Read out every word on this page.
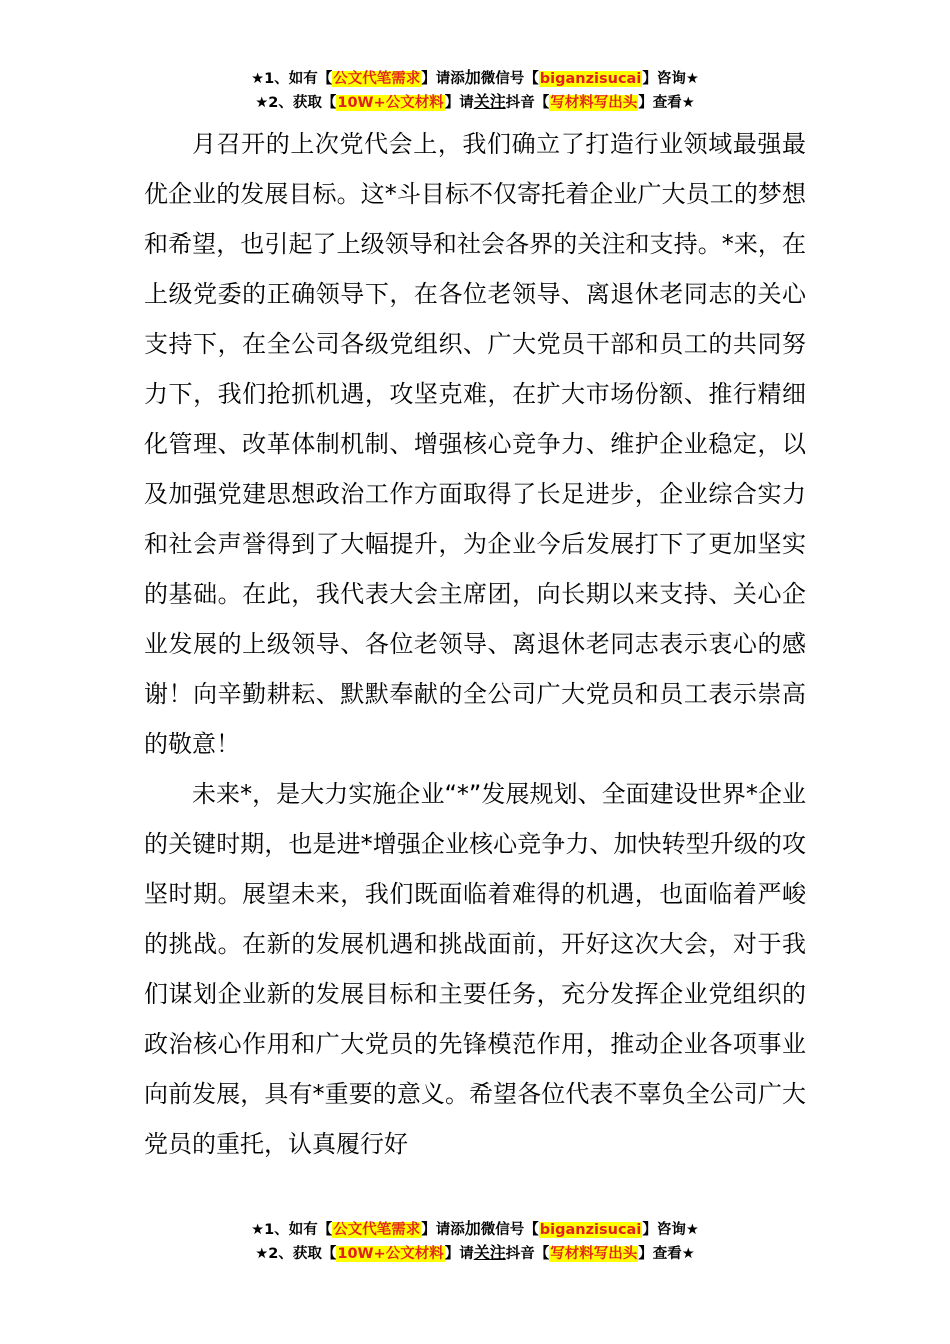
★1、如有【公文代笔需求】请添加微信号【biganzisucai】咨询★
★2、获取【10W+公文材料】请关注抖音【写材料写出头】查看★

月召开的上次党代会上，我们确立了打造行业领域最强最优企业的发展目标。这*斗目标不仅寄托着企业广大员工的梦想和希望，也引起了上级领导和社会各界的关注和支持。*来，在上级党委的正确领导下，在各位老领导、离退休老同志的关心支持下，在全公司各级党组织、广大党员干部和员工的共同努力下，我们抢抓机遇，攻坚克难，在扩大市场份额、推行精细化管理、改革体制机制、增强核心竞争力、维护企业稳定，以及加强党建思想政治工作方面取得了长足进步，企业综合实力和社会声誉得到了大幅提升，为企业今后发展打下了更加坚实的基础。在此，我代表大会主席团，向长期以来支持、关心企业发展的上级领导、各位老领导、离退休老同志表示衷心的感谢！向辛勤耕耘、默默奉献的全公司广大党员和员工表示崇高的敬意！

未来*，是大力实施企业“*”发展规划、全面建设世界*企业的关键时期，也是进*增强企业核心竞争力、加快转型升级的攻坚时期。展望未来，我们既面临着难得的机遇，也面临着严峻的挑战。在新的发展机遇和挑战面前，开好这次大会，对于我们谋划企业新的发展目标和主要任务，充分发挥企业党组织的政治核心作用和广大党员的先锋模范作用，推动企业各项事业向前发展，具有*重要的意义。希望各位代表不辜负全公司广大党员的重托，认真履行好

★1、如有【公文代笔需求】请添加微信号【biganzisucai】咨询★
★2、获取【10W+公文材料】请关注抖音【写材料写出头】查看★
